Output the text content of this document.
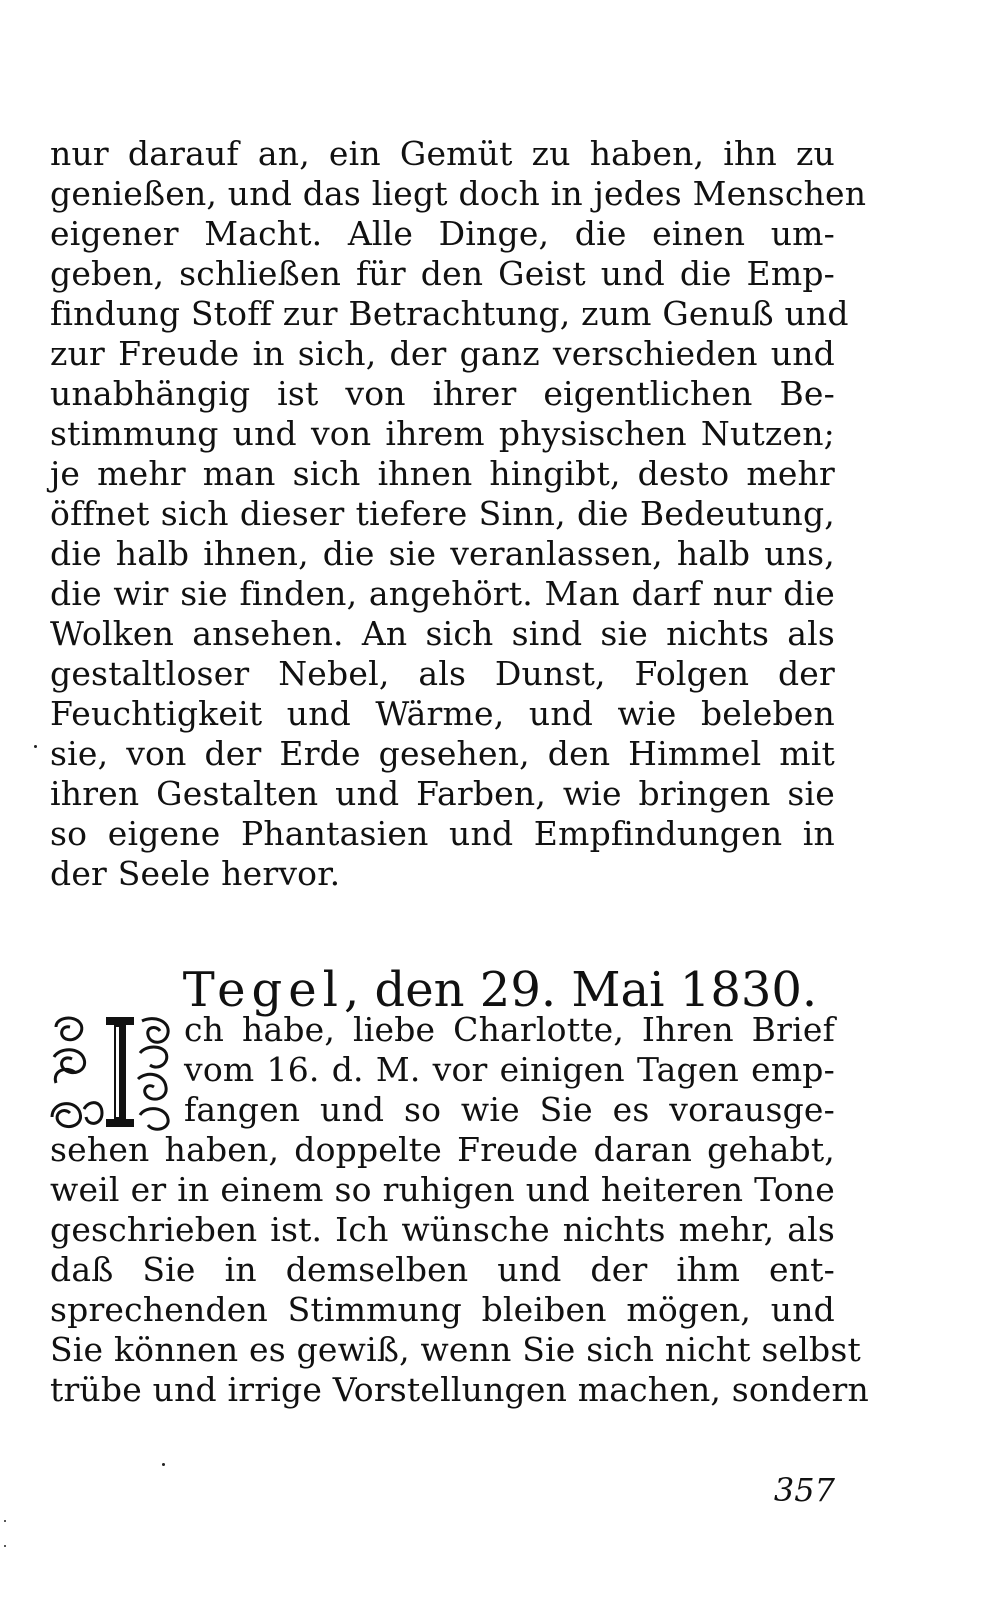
nur darauf an, ein Gemüt zu haben, ihn zu
genießen, und das liegt doch in jedes Menschen
eigener Macht. Alle Dinge, die einen um-
geben, schließen für den Geist und die Emp-
findung Stoff zur Betrachtung, zum Genuß und
zur Freude in sich, der ganz verschieden und
unabhängig ist von ihrer eigentlichen Be-
stimmung und von ihrem physischen Nutzen;
je mehr man sich ihnen hingibt, desto mehr
öffnet sich dieser tiefere Sinn, die Bedeutung,
die halb ihnen, die sie veranlassen, halb uns,
die wir sie finden, angehört. Man darf nur die
Wolken ansehen. An sich sind sie nichts als
gestaltloser Nebel, als Dunst, Folgen der
Feuchtigkeit und Wärme, und wie beleben
sie, von der Erde gesehen, den Himmel mit
ihren Gestalten und Farben, wie bringen sie
so eigene Phantasien und Empfindungen in
der Seele hervor.
Tegel, den 29. Mai 1830.
ch habe, liebe Charlotte, Ihren Brief
vom 16. d. M. vor einigen Tagen emp-
fangen und so wie Sie es vorausge-
sehen haben, doppelte Freude daran gehabt,
weil er in einem so ruhigen und heiteren Tone
geschrieben ist. Ich wünsche nichts mehr, als
daß Sie in demselben und der ihm ent-
sprechenden Stimmung bleiben mögen, und
Sie können es gewiß, wenn Sie sich nicht selbst
trübe und irrige Vorstellungen machen, sondern
357
